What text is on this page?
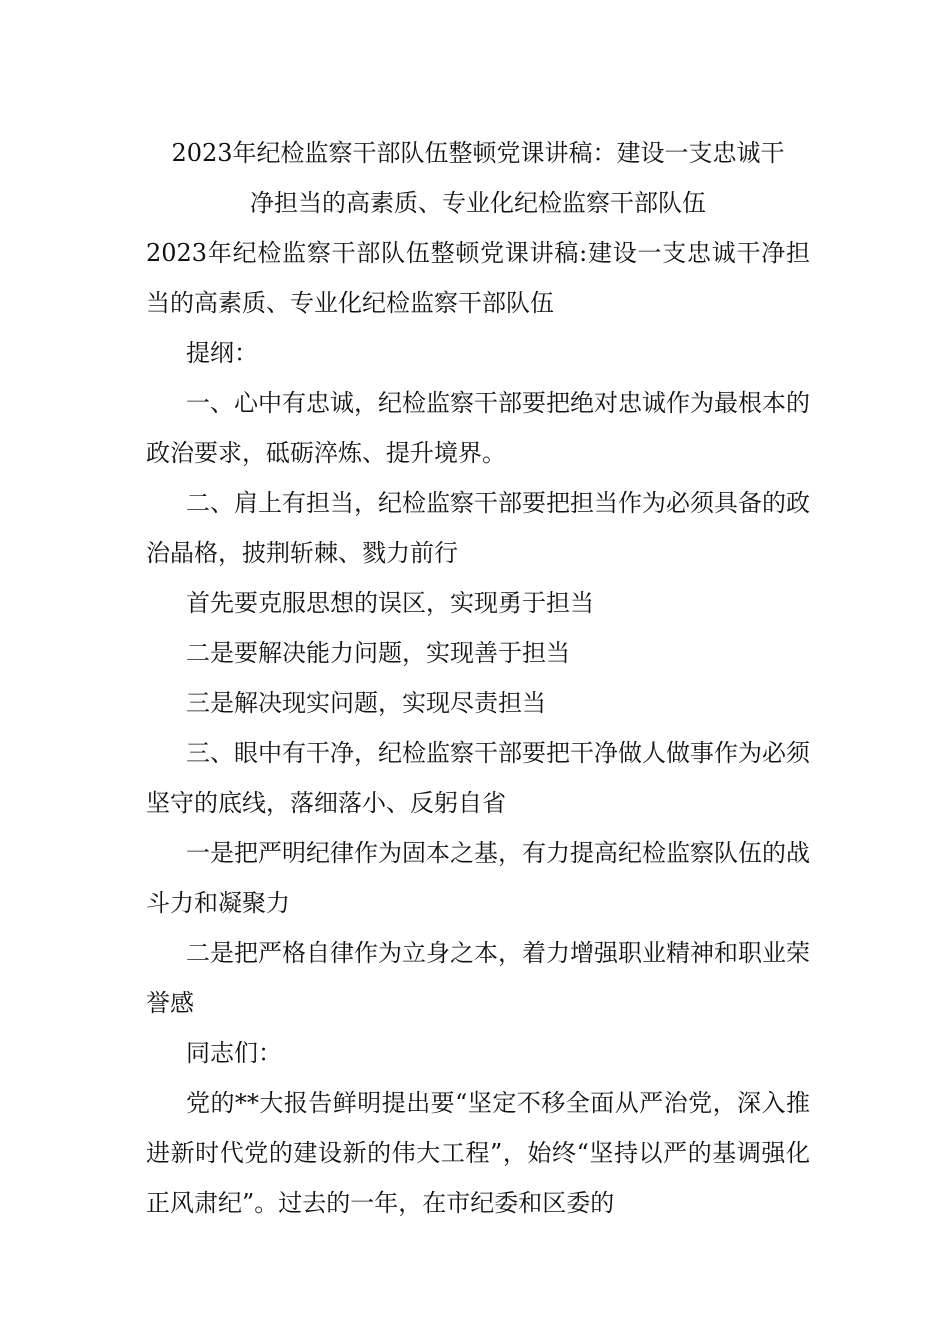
2023年纪检监察干部队伍整顿党课讲稿：建设一支忠诚干
净担当的高素质、专业化纪检监察干部队伍

2023年纪检监察干部队伍整顿党课讲稿:建设一支忠诚干净担当的高素质、专业化纪检监察干部队伍

提纲：

一、心中有忠诚，纪检监察干部要把绝对忠诚作为最根本的政治要求，砥砺淬炼、提升境界。

二、肩上有担当，纪检监察干部要把担当作为必须具备的政治晶格，披荆斩棘、戮力前行

首先要克服思想的误区，实现勇于担当

二是要解决能力问题，实现善于担当

三是解决现实问题，实现尽责担当

三、眼中有干净，纪检监察干部要把干净做人做事作为必须坚守的底线，落细落小、反躬自省

一是把严明纪律作为固本之基，有力提高纪检监察队伍的战斗力和凝聚力

二是把严格自律作为立身之本，着力增强职业精神和职业荣誉感

同志们：

党的**大报告鲜明提出要“坚定不移全面从严治党，深入推进新时代党的建设新的伟大工程”，始终“坚持以严的基调强化正风肃纪”。过去的一年，在市纪委和区委的
